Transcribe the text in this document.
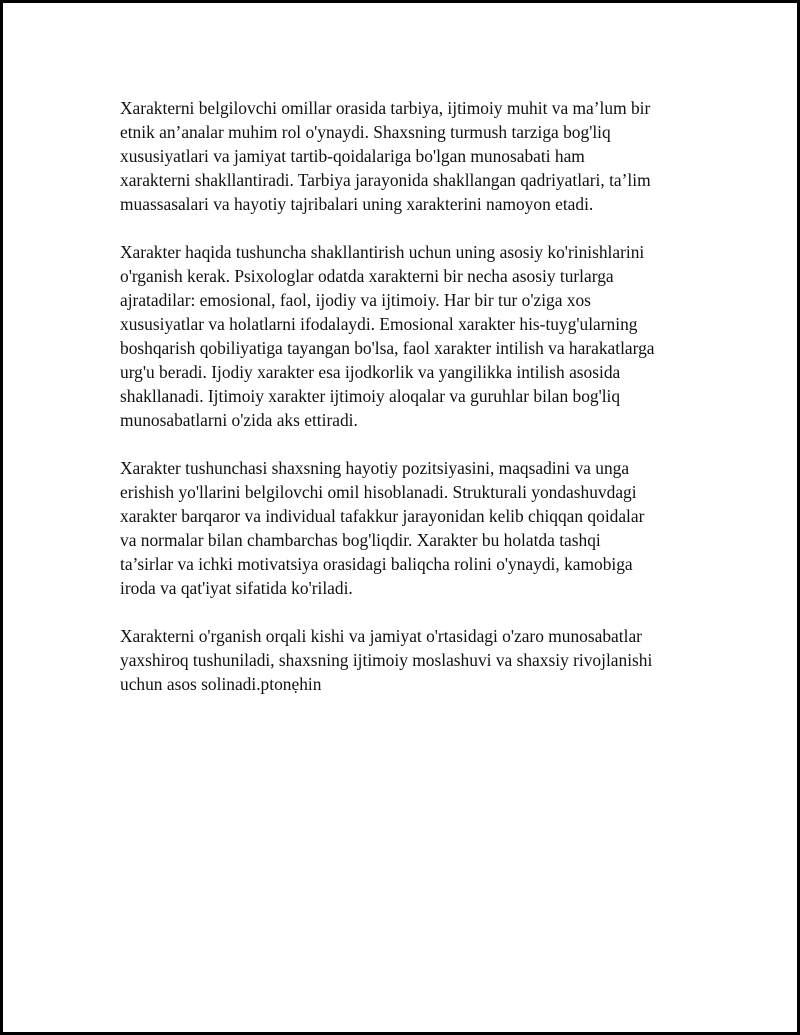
Xarakterni belgilovchi omillar orasida tarbiya, ijtimoiy muhit va ma’lum bir
etnik an’analar muhim rol o'ynaydi. Shaxsning turmush tarziga bog'liq
xususiyatlari va jamiyat tartib-qoidalariga bo'lgan munosabati ham
xarakterni shakllantiradi. Tarbiya jarayonida shakllangan qadriyatlari, ta’lim
muassasalari va hayotiy tajribalari uning xarakterini namoyon etadi.

Xarakter haqida tushuncha shakllantirish uchun uning asosiy ko'rinishlarini
o'rganish kerak. Psixologlar odatda xarakterni bir necha asosiy turlarga
ajratadilar: emosional, faol, ijodiy va ijtimoiy. Har bir tur o'ziga xos
xususiyatlar va holatlarni ifodalaydi. Emosional xarakter his-tuyg'ularning
boshqarish qobiliyatiga tayangan bo'lsa, faol xarakter intilish va harakatlarga
urg'u beradi. Ijodiy xarakter esa ijodkorlik va yangilikka intilish asosida
shakllanadi. Ijtimoiy xarakter ijtimoiy aloqalar va guruhlar bilan bog'liq
munosabatlarni o'zida aks ettiradi.

Xarakter tushunchasi shaxsning hayotiy pozitsiyasini, maqsadini va unga
erishish yo'llarini belgilovchi omil hisoblanadi. Strukturali yondashuvdagi
xarakter barqaror va individual tafakkur jarayonidan kelib chiqqan qoidalar
va normalar bilan chambarchas bog'liqdir. Xarakter bu holatda tashqi
ta’sirlar va ichki motivatsiya orasidagi baliqcha rolini o'ynaydi, kamobiga
iroda va qat'iyat sifatida ko'riladi.

Xarakterni o'rganish orqali kishi va jamiyat o'rtasidagi o'zaro munosabatlar
yaxshiroq tushuniladi, shaxsning ijtimoiy moslashuvi va shaxsiy rivojlanishi
uchun asos solinadi.ptonẹhin
